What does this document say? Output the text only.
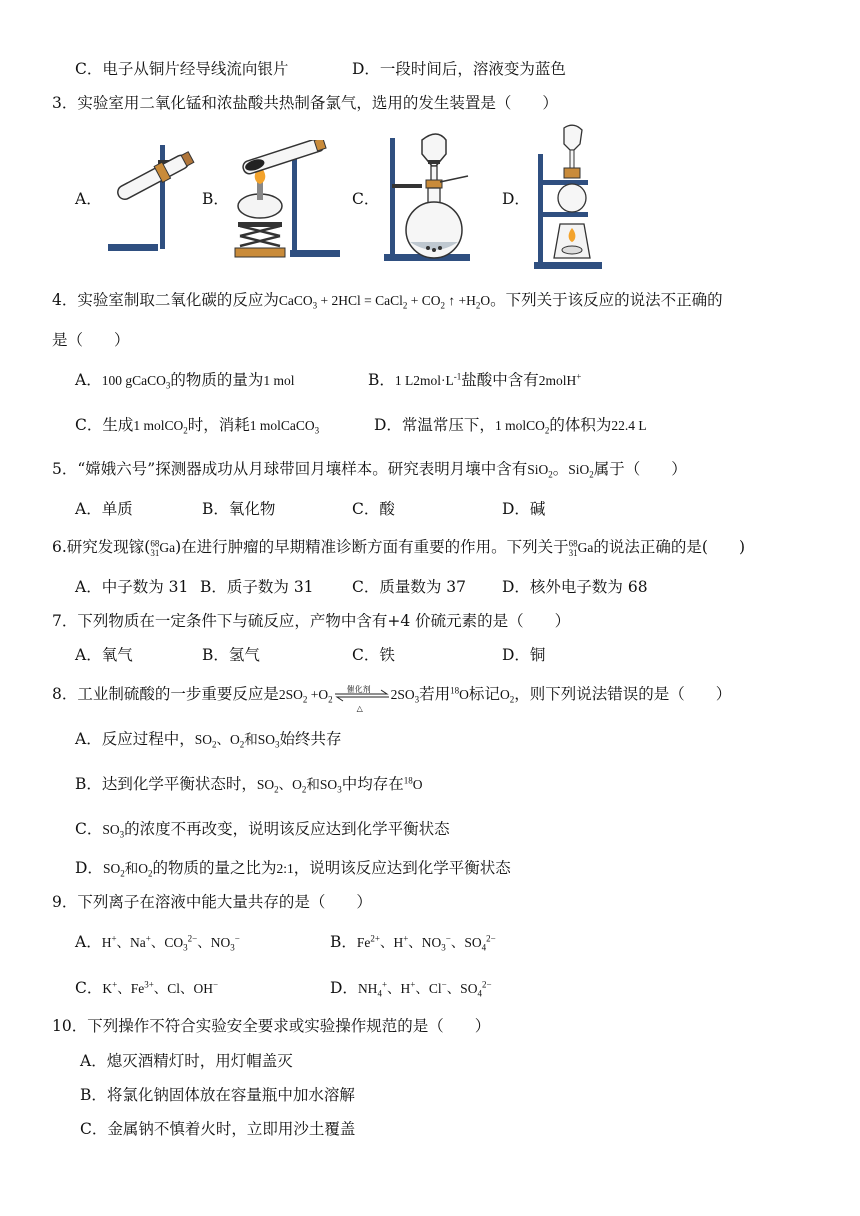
C．电子从铜片经导线流向银片	D．一段时间后，溶液变为蓝色
3．实验室用二氧化锰和浓盐酸共热制备氯气，选用的发生装置是（　　）
A．	B．	C．	D．
4．实验室制取二氧化碳的反应为CaCO$_3$ + 2HCl = CaCl$_2$ + $CO_2$ ↑ $+H_2O$。下列关于该反应的说法不正确的
是（　　）
A．100 gCaCO$_3$的物质的量为1 mol	B．1 $L2mol\cdot L^{-1}$盐酸中含有2molH+
C．生成1 molCO$_2$时，消耗1 molCaCO$_3$	D．常温常压下，1 molCO$_2$的体积为22.4 L
5．“嫦娥六号”探测器成功从月球带回月壤样本。研究表明月壤中含有SiO$_2$。SiO$_2$属于（　　）
A．单质	B．氧化物	C．酸	D．碱
6.研究发现镓($^{68}_{31}$Ga)在进行肿瘤的早期精准诊断方面有重要的作用。下列关于$^{68}_{31}$Ga的说法正确的是(　　)
A．中子数为 31 B．质子数为 31 C．质量数为 37 D．核外电子数为 68
7．下列物质在一定条件下与硫反应，产物中含有+4 价硫元素的是（　　）
A．氧气	B．氢气	C．铁	D．铜
8．工业制硫酸的一步重要反应是$2SO_2 +O_2$
催化剂
△
$2SO_3$若用$^{18}$O标记$O_2$，则下列说法错误的是（　　）
A．反应过程中，$SO_2$、$O_2$和$SO_3$始终共存
B．达到化学平衡状态时，$SO_2$、$O_2$和$SO_3$中均存在$^{18}$O
C．$SO_3$的浓度不再改变，说明该反应达到化学平衡状态
D．$SO_2$和$O_2$的物质的量之比为2:1，说明该反应达到化学平衡状态
9．下列离子在溶液中能大量共存的是（　　）
A．H+、Na+、$CO_3^{2-}$、$NO_3^-$	B．$Fe^{2+}$、H+、$NO_3^-$、$SO_4^{2-}$
C．K+、$Fe^{3+}$、Cl、OH−	D．$NH_4^+$、H+、Cl−、$SO_4^{2-}$
10．下列操作不符合实验安全要求或实验操作规范的是（　　）
A．熄灭酒精灯时，用灯帽盖灭
B．将氯化钠固体放在容量瓶中加水溶解
C．金属钠不慎着火时，立即用沙土覆盖
